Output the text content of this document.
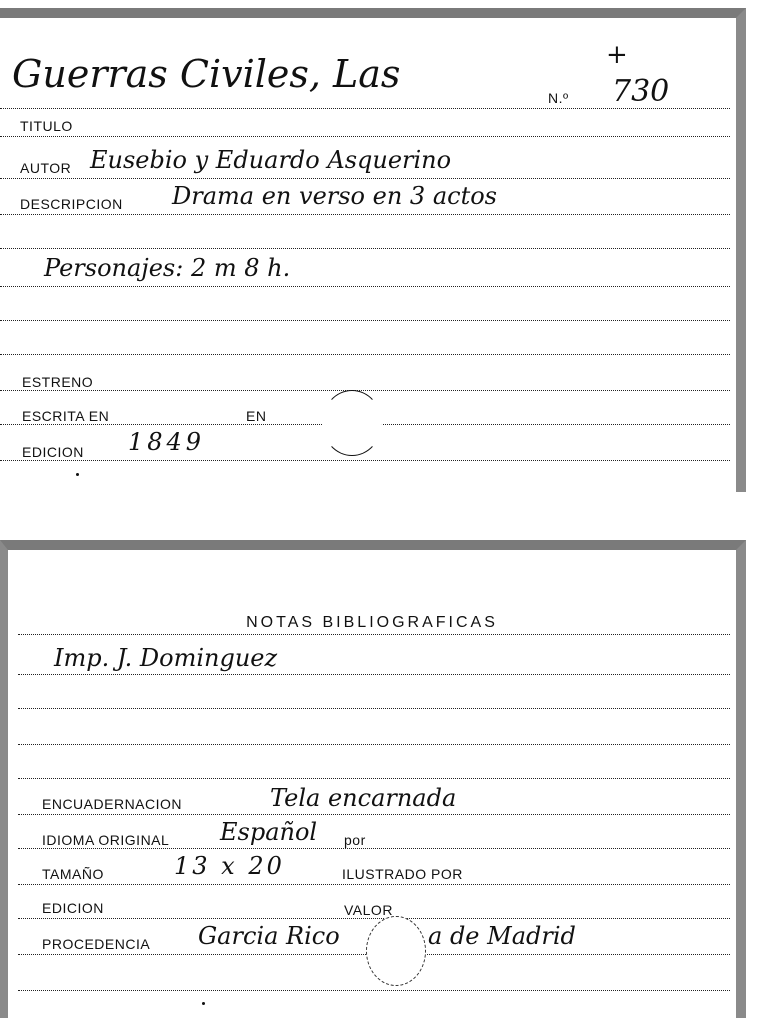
Guerras Civiles, Las
N.º 730
+
TITULO
AUTOR Eusebio y Eduardo Asquerino
DESCRIPCION Drama en verso en 3 actos
Personajes: 2 m 8 h.
ESTRENO
ESCRITA EN	EN
EDICION 1849
NOTAS BIBLIOGRAFICAS
Imp. J. Dominguez
ENCUADERNACION	Tela encarnada
IDIOMA ORIGINAL Español por
TAMAÑO	13 x 20	ILUSTRADO POR
EDICION	VALOR
PROCEDENCIA Garcia Rico	a de Madrid
